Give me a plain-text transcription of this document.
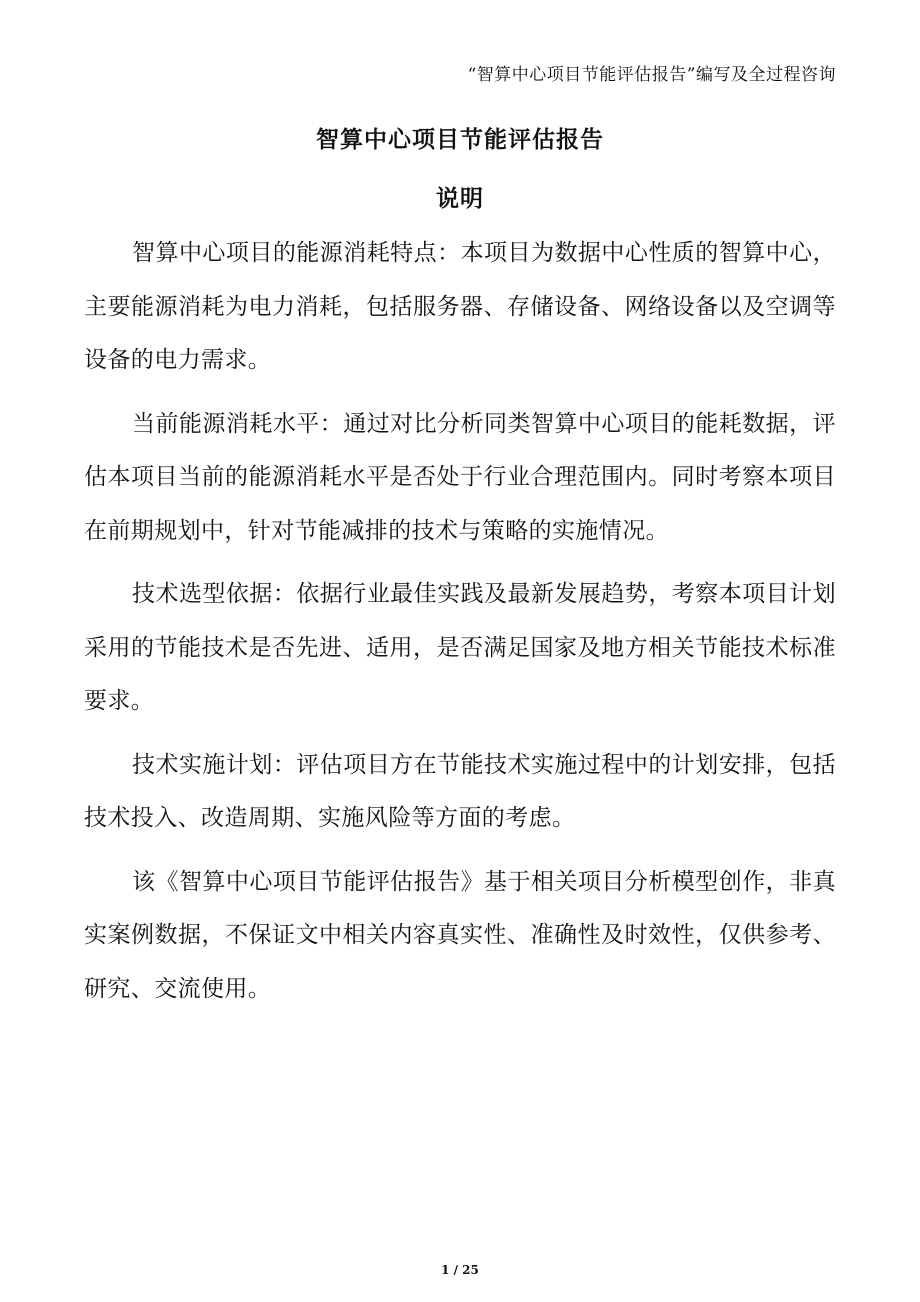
“智算中心项目节能评估报告”编写及全过程咨询
智算中心项目节能评估报告
说明

智算中心项目的能源消耗特点：本项目为数据中心性质的智算中心，主要能源消耗为电力消耗，包括服务器、存储设备、网络设备以及空调等设备的电力需求。

当前能源消耗水平：通过对比分析同类智算中心项目的能耗数据，评估本项目当前的能源消耗水平是否处于行业合理范围内。同时考察本项目在前期规划中，针对节能减排的技术与策略的实施情况。

技术选型依据：依据行业最佳实践及最新发展趋势，考察本项目计划采用的节能技术是否先进、适用，是否满足国家及地方相关节能技术标准要求。

技术实施计划：评估项目方在节能技术实施过程中的计划安排，包括技术投入、改造周期、实施风险等方面的考虑。

该《智算中心项目节能评估报告》基于相关项目分析模型创作，非真实案例数据，不保证文中相关内容真实性、准确性及时效性，仅供参考、研究、交流使用。

1 / 25
